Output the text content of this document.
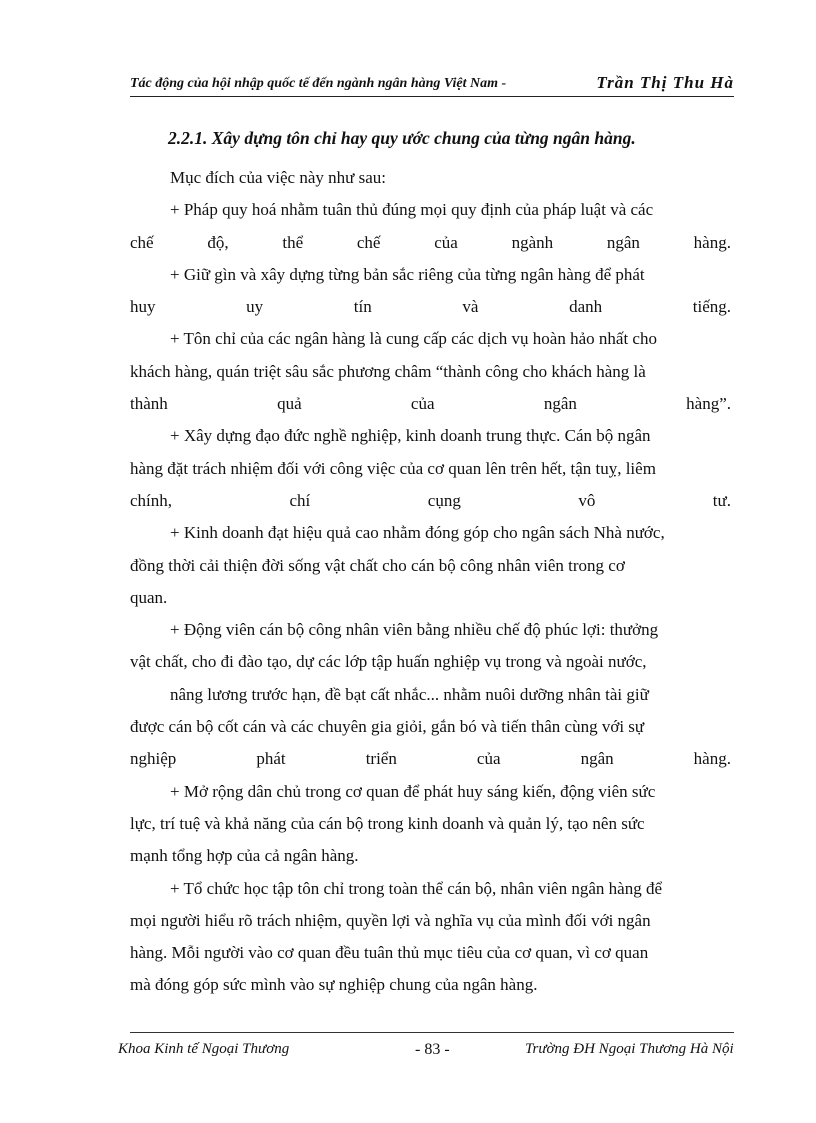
Tác động của hội nhập quốc tế đến ngành ngân hàng Việt Nam -	Trần Thị Thu Hà
2.2.1. Xây dựng tôn chỉ hay quy ước chung của từng ngân hàng.
Mục đích của việc này như sau:
+ Pháp quy hoá nhằm tuân thủ đúng mọi quy định của pháp luật và các
chế	độ,	thể	chế	của	ngành	ngân	hàng.
+ Giữ gìn và xây dựng từng bản sắc riêng của từng ngân hàng để phát
huy	uy	tín	và	danh	tiếng.
+ Tôn chỉ của các ngân hàng là cung cấp các dịch vụ hoàn hảo nhất cho
khách hàng, quán triệt sâu sắc phương châm “thành công cho khách hàng là
thành	quả	của	ngân	hàng”.
+ Xây dựng đạo đức nghề nghiệp, kinh doanh trung thực. Cán bộ ngân
hàng đặt trách nhiệm đối với công việc của cơ quan lên trên hết, tận tuỵ, liêm
chính,	chí	cụng	vô	tư.
+ Kinh doanh đạt hiệu quả cao nhằm đóng góp cho ngân sách Nhà nước,
đồng thời cải thiện đời sống vật chất cho cán bộ công nhân viên trong cơ
quan.
+ Động viên cán bộ công nhân viên bằng nhiều chế độ phúc lợi: thưởng
vật chất, cho đi đào tạo, dự các lớp tập huấn nghiệp vụ trong và ngoài nước,
nâng lương trước hạn, đề bạt cất nhắc... nhằm nuôi dưỡng nhân tài giữ
được cán bộ cốt cán và các chuyên gia giỏi, gắn bó và tiến thân cùng với sự
nghiệp	phát	triển	của	ngân	hàng.
+ Mở rộng dân chủ trong cơ quan để phát huy sáng kiến, động viên sức
lực, trí tuệ và khả năng của cán bộ trong kinh doanh và quản lý, tạo nên sức
mạnh tổng hợp của cả ngân hàng.
+ Tổ chức học tập tôn chỉ trong toàn thể cán bộ, nhân viên ngân hàng để
mọi người hiểu rõ trách nhiệm, quyền lợi và nghĩa vụ của mình đối với ngân
hàng. Mỗi người vào cơ quan đều tuân thủ mục tiêu của cơ quan, vì cơ quan
mà đóng góp sức mình vào sự nghiệp chung của ngân hàng.
Khoa Kinh tế Ngoại Thương	- 83 -	Trường ĐH Ngoại Thương Hà Nội
